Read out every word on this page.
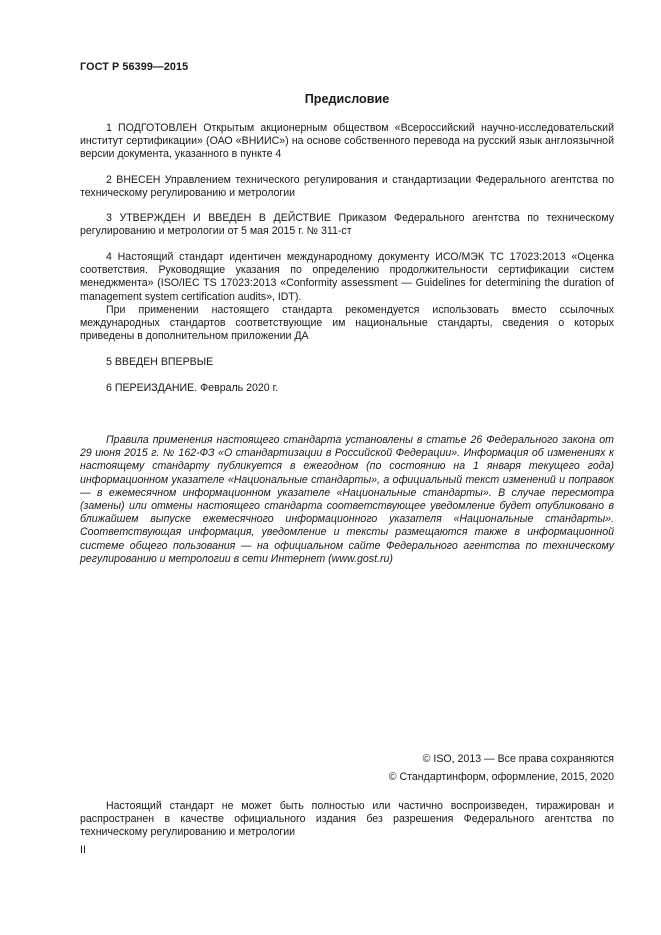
ГОСТ Р 56399—2015
Предисловие

1 ПОДГОТОВЛЕН Открытым акционерным обществом «Всероссийский научно-исследовательский институт сертификации» (ОАО «ВНИИС») на основе собственного перевода на русский язык англоязычной версии документа, указанного в пункте 4

2 ВНЕСЕН Управлением технического регулирования и стандартизации Федерального агентства по техническому регулированию и метрологии

3 УТВЕРЖДЕН И ВВЕДЕН В ДЕЙСТВИЕ Приказом Федерального агентства по техническому регулированию и метрологии от 5 мая 2015 г. № 311-ст

4 Настоящий стандарт идентичен международному документу ИСО/МЭК ТС 17023:2013 «Оценка соответствия. Руководящие указания по определению продолжительности сертификации систем менеджмента» (ISO/IEC TS 17023:2013 «Conformity assessment — Guidelines for determining the duration of management system certification audits», IDT).

При применении настоящего стандарта рекомендуется использовать вместо ссылочных международных стандартов соответствующие им национальные стандарты, сведения о которых приведены в дополнительном приложении ДА

5 ВВЕДЕН ВПЕРВЫЕ

6 ПЕРЕИЗДАНИЕ. Февраль 2020 г.

Правила применения настоящего стандарта установлены в статье 26 Федерального закона от 29 июня 2015 г. № 162-ФЗ «О стандартизации в Российской Федерации». Информация об изменениях к настоящему стандарту публикуется в ежегодном (по состоянию на 1 января текущего года) информационном указателе «Национальные стандарты», а официальный текст изменений и поправок — в ежемесячном информационном указателе «Национальные стандарты». В случае пересмотра (замены) или отмены настоящего стандарта соответствующее уведомление будет опубликовано в ближайшем выпуске ежемесячного информационного указателя «Национальные стандарты». Соответствующая информация, уведомление и тексты размещаются также в информационной системе общего пользования — на официальном сайте Федерального агентства по техническому регулированию и метрологии в сети Интернет (www.gost.ru)

© ISO, 2013 — Все права сохраняются
© Стандартинформ, оформление, 2015, 2020

Настоящий стандарт не может быть полностью или частично воспроизведен, тиражирован и распространен в качестве официального издания без разрешения Федерального агентства по техническому регулированию и метрологии

II
